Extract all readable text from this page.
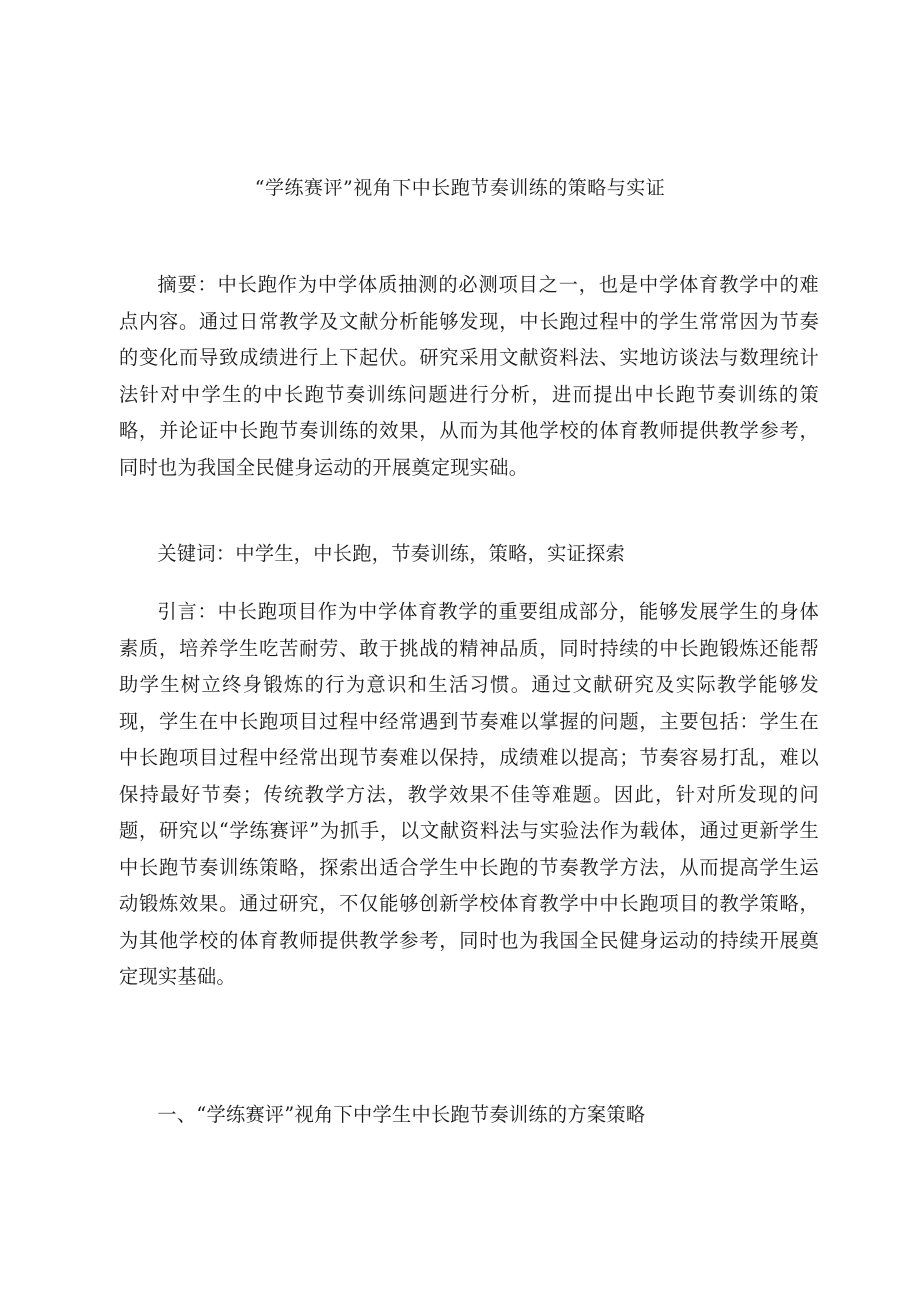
“学练赛评”视角下中长跑节奏训练的策略与实证

摘要：中长跑作为中学体质抽测的必测项目之一，也是中学体育教学中的难点内容。通过日常教学及文献分析能够发现，中长跑过程中的学生常常因为节奏的变化而导致成绩进行上下起伏。研究采用文献资料法、实地访谈法与数理统计法针对中学生的中长跑节奏训练问题进行分析，进而提出中长跑节奏训练的策略，并论证中长跑节奏训练的效果，从而为其他学校的体育教师提供教学参考，同时也为我国全民健身运动的开展奠定现实础。

关键词：中学生，中长跑，节奏训练，策略，实证探索

引言：中长跑项目作为中学体育教学的重要组成部分，能够发展学生的身体素质，培养学生吃苦耐劳、敢于挑战的精神品质，同时持续的中长跑锻炼还能帮助学生树立终身锻炼的行为意识和生活习惯。通过文献研究及实际教学能够发现，学生在中长跑项目过程中经常遇到节奏难以掌握的问题，主要包括：学生在中长跑项目过程中经常出现节奏难以保持，成绩难以提高；节奏容易打乱，难以保持最好节奏；传统教学方法，教学效果不佳等难题。因此，针对所发现的问题，研究以“学练赛评”为抓手，以文献资料法与实验法作为载体，通过更新学生中长跑节奏训练策略，探索出适合学生中长跑的节奏教学方法，从而提高学生运动锻炼效果。通过研究，不仅能够创新学校体育教学中中长跑项目的教学策略，为其他学校的体育教师提供教学参考，同时也为我国全民健身运动的持续开展奠定现实基础。

一、“学练赛评”视角下中学生中长跑节奏训练的方案策略
